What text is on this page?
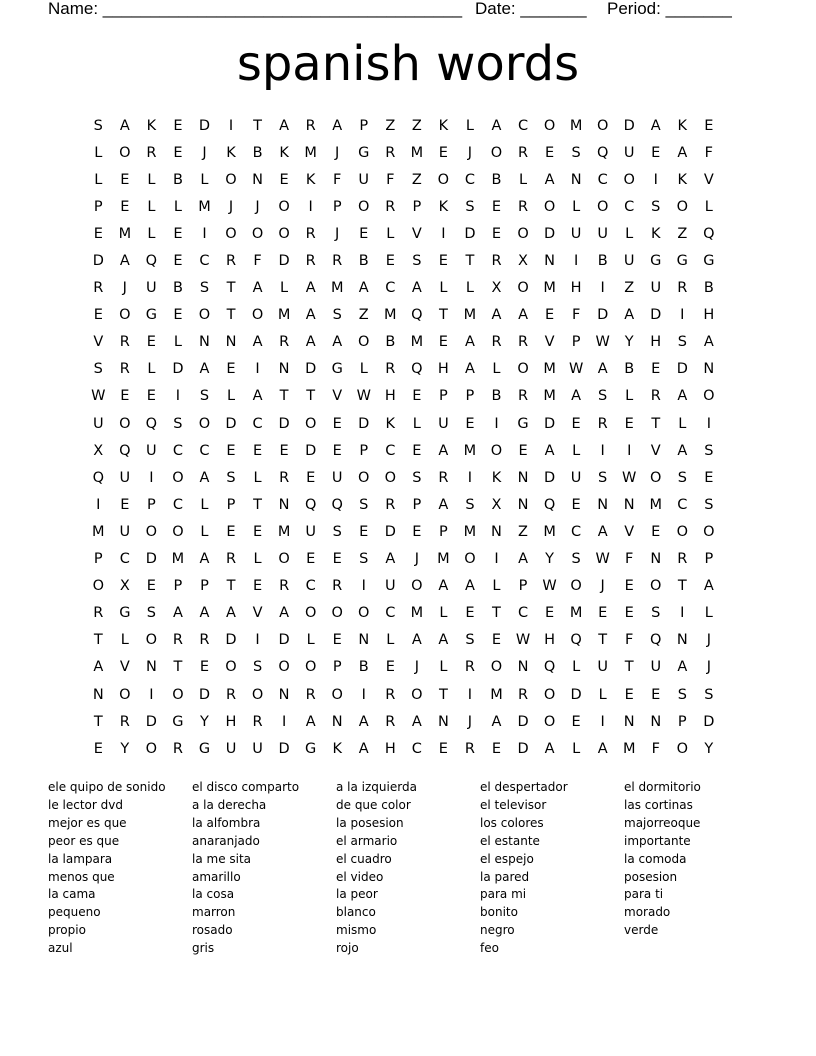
Name: ______________________________________ Date: _______ Period: _______
spanish words
S	A	K	E	D	I	T	A	R	A	P	Z	Z	K	L	A	C	O	M	O	D	A	K	E
L	O	R	E	J	K	B	K	M	J	G	R	M	E	J	O	R	E	S	Q	U	E	A	F
L	E	L	B	L	O	N	E	K	F	U	F	Z	O	C	B	L	A	N	C	O	I	K	V
P	E	L	L	M	J	J	O	I	P	O	R	P	K	S	E	R	O	L	O	C	S	O	L
E	M	L	E	I	O	O	O	R	J	E	L	V	I	D	E	O	D	U	U	L	K	Z	Q
D	A	Q	E	C	R	F	D	R	R	B	E	S	E	T	R	X	N	I	B	U	G	G	G
R	J	U	B	S	T	A	L	A	M	A	C	A	L	L	X	O	M	H	I	Z	U	R	B
E	O	G	E	O	T	O	M	A	S	Z	M	Q	T	M	A	A	E	F	D	A	D	I	H
V	R	E	L	N	N	A	R	A	A	O	B	M	E	A	R	R	V	P	W	Y	H	S	A
S	R	L	D	A	E	I	N	D	G	L	R	Q	H	A	L	O	M W A	B	E	D	N
W	E	E	I	S	L	A	T	T	V W H	E	P	P	B	R	M	A	S	L	R	A	O
U	O	Q	S	O	D	C	D	O	E	D	K	L	U	E	I	G	D	E	R	E	T	L	I
X	Q	U	C	C	E	E	E	D	E	P	C	E	A	M	O	E	A	L	I	I	V	A	S
Q	U	I	O	A	S	L	R	E	U	O	O	S	R	I	K	N	D	U	S	W O	S	E
I	E	P	C	L	P	T	N	Q	Q	S	R	P	A	S	X	N	Q	E	N	N	M	C	S
M	U	O	O	L	E	E	M	U	S	E	D	E	P	M	N	Z	M	C	A	V	E	O	O
P	C	D	M	A	R	L	O	E	E	S	A	J	M	O	I	A	Y	S	W	F	N	R	P
O	X	E	P	P	T	E	R	C	R	I	U	O	A	A	L	P	W O	J	E	O	T	A
R	G	S	A	A	A	V	A	O	O	O	C	M	L	E	T	C	E	M	E	E	S	I	L
T	L	O	R	R	D	I	D	L	E	N	L	A	A	S	E	W H	Q	T	F	Q	N	J
A	V	N	T	E	O	S	O	O	P	B	E	J	L	R	O	N	Q	L	U	T	U	A	J
N	O	I	O	D	R	O	N	R	O	I	R	O	T	I	M	R	O	D	L	E	E	S	S
T	R	D	G	Y	H	R	I	A	N	A	R	A	N	J	A	D	O	E	I	N	N	P	D
E	Y	O	R	G	U	U	D	G	K	A	H	C	E	R	E	D	A	L	A	M	F	O	Y
ele quipo de sonido
le lector dvd
mejor es que
peor es que
la lampara
menos que
la cama
pequeno
propio
azul
el disco comparto
a la derecha
la alfombra
anaranjado
la me sita
amarillo
la cosa
marron
rosado
gris
a la izquierda
de que color
la posesion
el armario
el cuadro
el video
la peor
blanco
mismo
rojo
el despertador
el televisor
los colores
el estante
el espejo
la pared
para mi
bonito
negro
feo
el dormitorio
las cortinas
majorreoque
importante
la comoda
posesion
para ti
morado
verde
